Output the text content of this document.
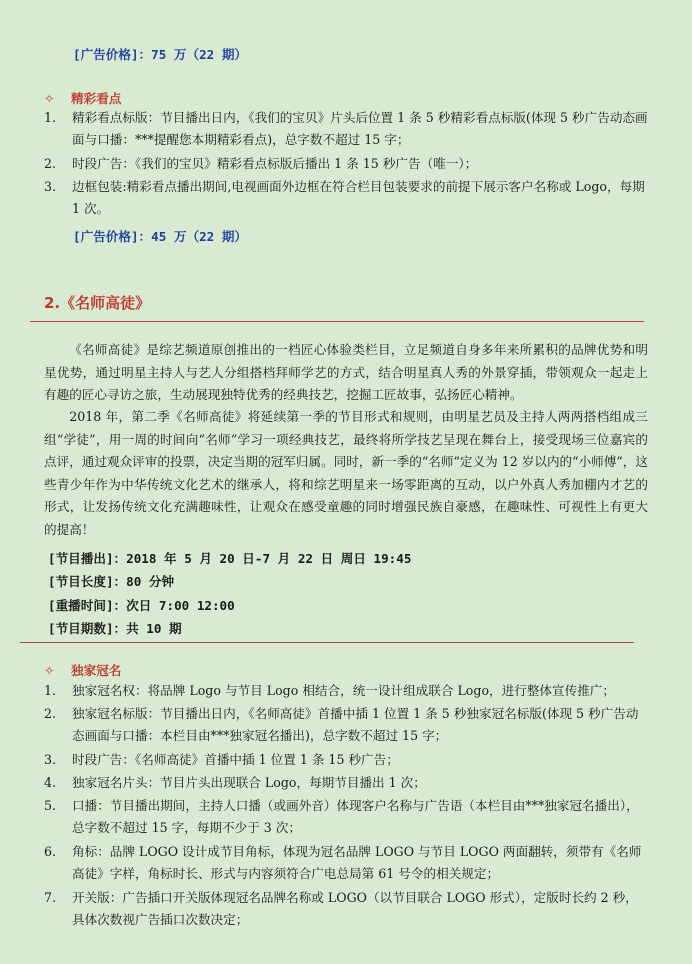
[广告价格]：75 万（22 期）
✧ 精彩看点
1.	精彩看点标版：节目播出日内，《我们的宝贝》片头后位置 1 条 5 秒精彩看点标版(体现 5 秒广告动态画面与口播：***提醒您本期精彩看点)，总字数不超过 15 字；
2.	时段广告：《我们的宝贝》精彩看点标版后播出 1 条 15 秒广告（唯一）；
3.	边框包装:精彩看点播出期间,电视画面外边框在符合栏目包装要求的前提下展示客户名称或 Logo，每期 1 次。
[广告价格]：45 万（22 期）
2.《名师高徒》
《名师高徒》是综艺频道原创推出的一档匠心体验类栏目，立足频道自身多年来所累积的品牌优势和明星优势，通过明星主持人与艺人分组搭档拜师学艺的方式，结合明星真人秀的外景穿插，带领观众一起走上有趣的匠心寻访之旅，生动展现独特优秀的经典技艺，挖掘工匠故事，弘扬匠心精神。
2018 年，第二季《名师高徒》将延续第一季的节目形式和规则，由明星艺员及主持人两两搭档组成三组“学徒”，用一周的时间向“名师”学习一项经典技艺，最终将所学技艺呈现在舞台上，接受现场三位嘉宾的点评，通过观众评审的投票，决定当期的冠军归属。同时，新一季的“名师”定义为 12 岁以内的“小师傅”，这些青少年作为中华传统文化艺术的继承人，将和综艺明星来一场零距离的互动，以户外真人秀加棚内才艺的形式，让发扬传统文化充满趣味性，让观众在感受童趣的同时增强民族自豪感，在趣味性、可视性上有更大的提高！
[节目播出]：2018 年 5 月 20 日-7 月 22 日 周日 19:45
[节目长度]：80 分钟
[重播时间]：次日 7:00 12:00
[节目期数]：共 10 期
✧ 独家冠名
1.	独家冠名权：将品牌 Logo 与节目 Logo 相结合，统一设计组成联合 Logo，进行整体宣传推广；
2.	独家冠名标版：节目播出日内，《名师高徒》首播中插 1 位置 1 条 5 秒独家冠名标版(体现 5 秒广告动态画面与口播：本栏目由***独家冠名播出)，总字数不超过 15 字；
3.	时段广告：《名师高徒》首播中插 1 位置 1 条 15 秒广告；
4.	独家冠名片头：节目片头出现联合 Logo，每期节目播出 1 次；
5.	口播：节目播出期间，主持人口播（或画外音）体现客户名称与广告语（本栏目由***独家冠名播出），总字数不超过 15 字，每期不少于 3 次；
6.	角标：品牌 LOGO 设计成节目角标，体现为冠名品牌 LOGO 与节目 LOGO 两面翻转，须带有《名师高徒》字样，角标时长、形式与内容须符合广电总局第 61 号令的相关规定；
7.	开关版：广告插口开关版体现冠名品牌名称或 LOGO（以节目联合 LOGO 形式），定版时长约 2 秒，具体次数视广告插口次数决定；
